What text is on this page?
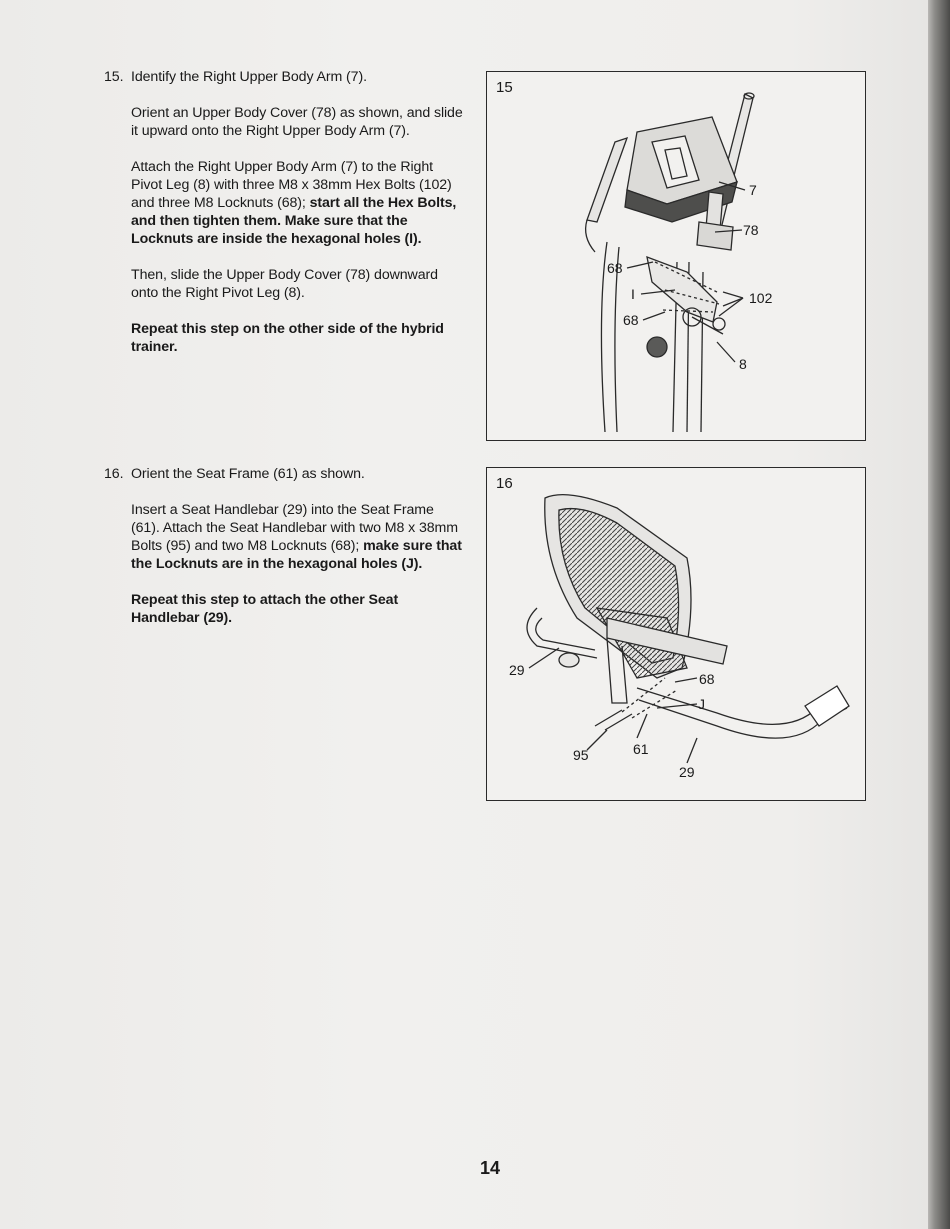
15. Identify the Right Upper Body Arm (7).

Orient an Upper Body Cover (78) as shown, and slide it upward onto the Right Upper Body Arm (7).

Attach the Right Upper Body Arm (7) to the Right Pivot Leg (8) with three M8 x 38mm Hex Bolts (102) and three M8 Locknuts (68); start all the Hex Bolts, and then tighten them. Make sure that the Locknuts are inside the hexagonal holes (I).

Then, slide the Upper Body Cover (78) downward onto the Right Pivot Leg (8).

Repeat this step on the other side of the hybrid trainer.

16. Orient the Seat Frame (61) as shown.

Insert a Seat Handlebar (29) into the Seat Frame (61). Attach the Seat Handlebar with two M8 x 38mm Bolts (95) and two M8 Locknuts (68); make sure that the Locknuts are in the hexagonal holes (J).

Repeat this step to attach the other Seat Handlebar (29).

15
7
78
68
I	102
68
8
16
29
68
J
95	61
29
14
